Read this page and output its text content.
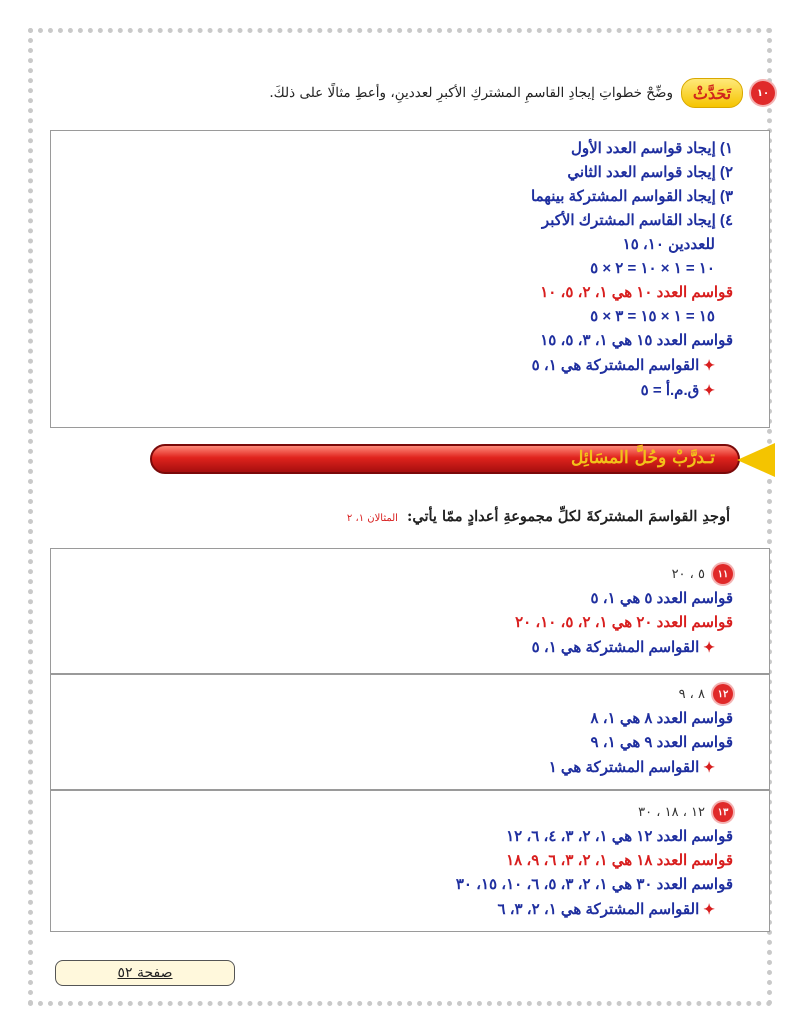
١٠
تَحَدَّثْ
وضِّحْ خطواتِ إيجادِ القاسمِ المشتركِ الأكبرِ لعددينِ، وأعطِ مثالًا على ذلكَ.
١) إيجاد قواسم العدد الأول
٢) إيجاد قواسم العدد الثاني
٣) إيجاد القواسم المشتركة بينهما
٤) إيجاد القاسم المشترك الأكبر
للعددين ١٠، ١٥
١٠ = ١ × ١٠ = ٢ × ٥
قواسم العدد ١٠ هي ١، ٢، ٥، ١٠
١٥ = ١ × ١٥ = ٣ × ٥
قواسم العدد ١٥ هي ١، ٣، ٥، ١٥
✦القواسم المشتركة هي ١، ٥
✦ق.م.أ = ٥
تـدرَّبْ وحُلَّ المسَائِل
أوجدِ القواسمَ المشتركةَ لكلِّ مجموعةِ أعدادٍ ممّا يأتي: المثالان ١، ٢
١١
٥ ، ٢٠
قواسم العدد ٥ هي ١، ٥
قواسم العدد ٢٠ هي ١، ٢، ٥، ١٠، ٢٠
✦القواسم المشتركة هي ١، ٥
١٢
٨ ، ٩
قواسم العدد ٨ هي ١، ٨
قواسم العدد ٩ هي ١، ٩
✦القواسم المشتركة هي ١
١٣
١٢ ، ١٨ ، ٣٠
قواسم العدد ١٢ هي ١، ٢، ٣، ٤، ٦، ١٢
قواسم العدد ١٨ هي ١، ٢، ٣، ٦، ٩، ١٨
قواسم العدد ٣٠ هي ١، ٢، ٣، ٥، ٦، ١٠، ١٥، ٣٠
✦القواسم المشتركة هي ١، ٢، ٣، ٦
صفحة ٥٢
